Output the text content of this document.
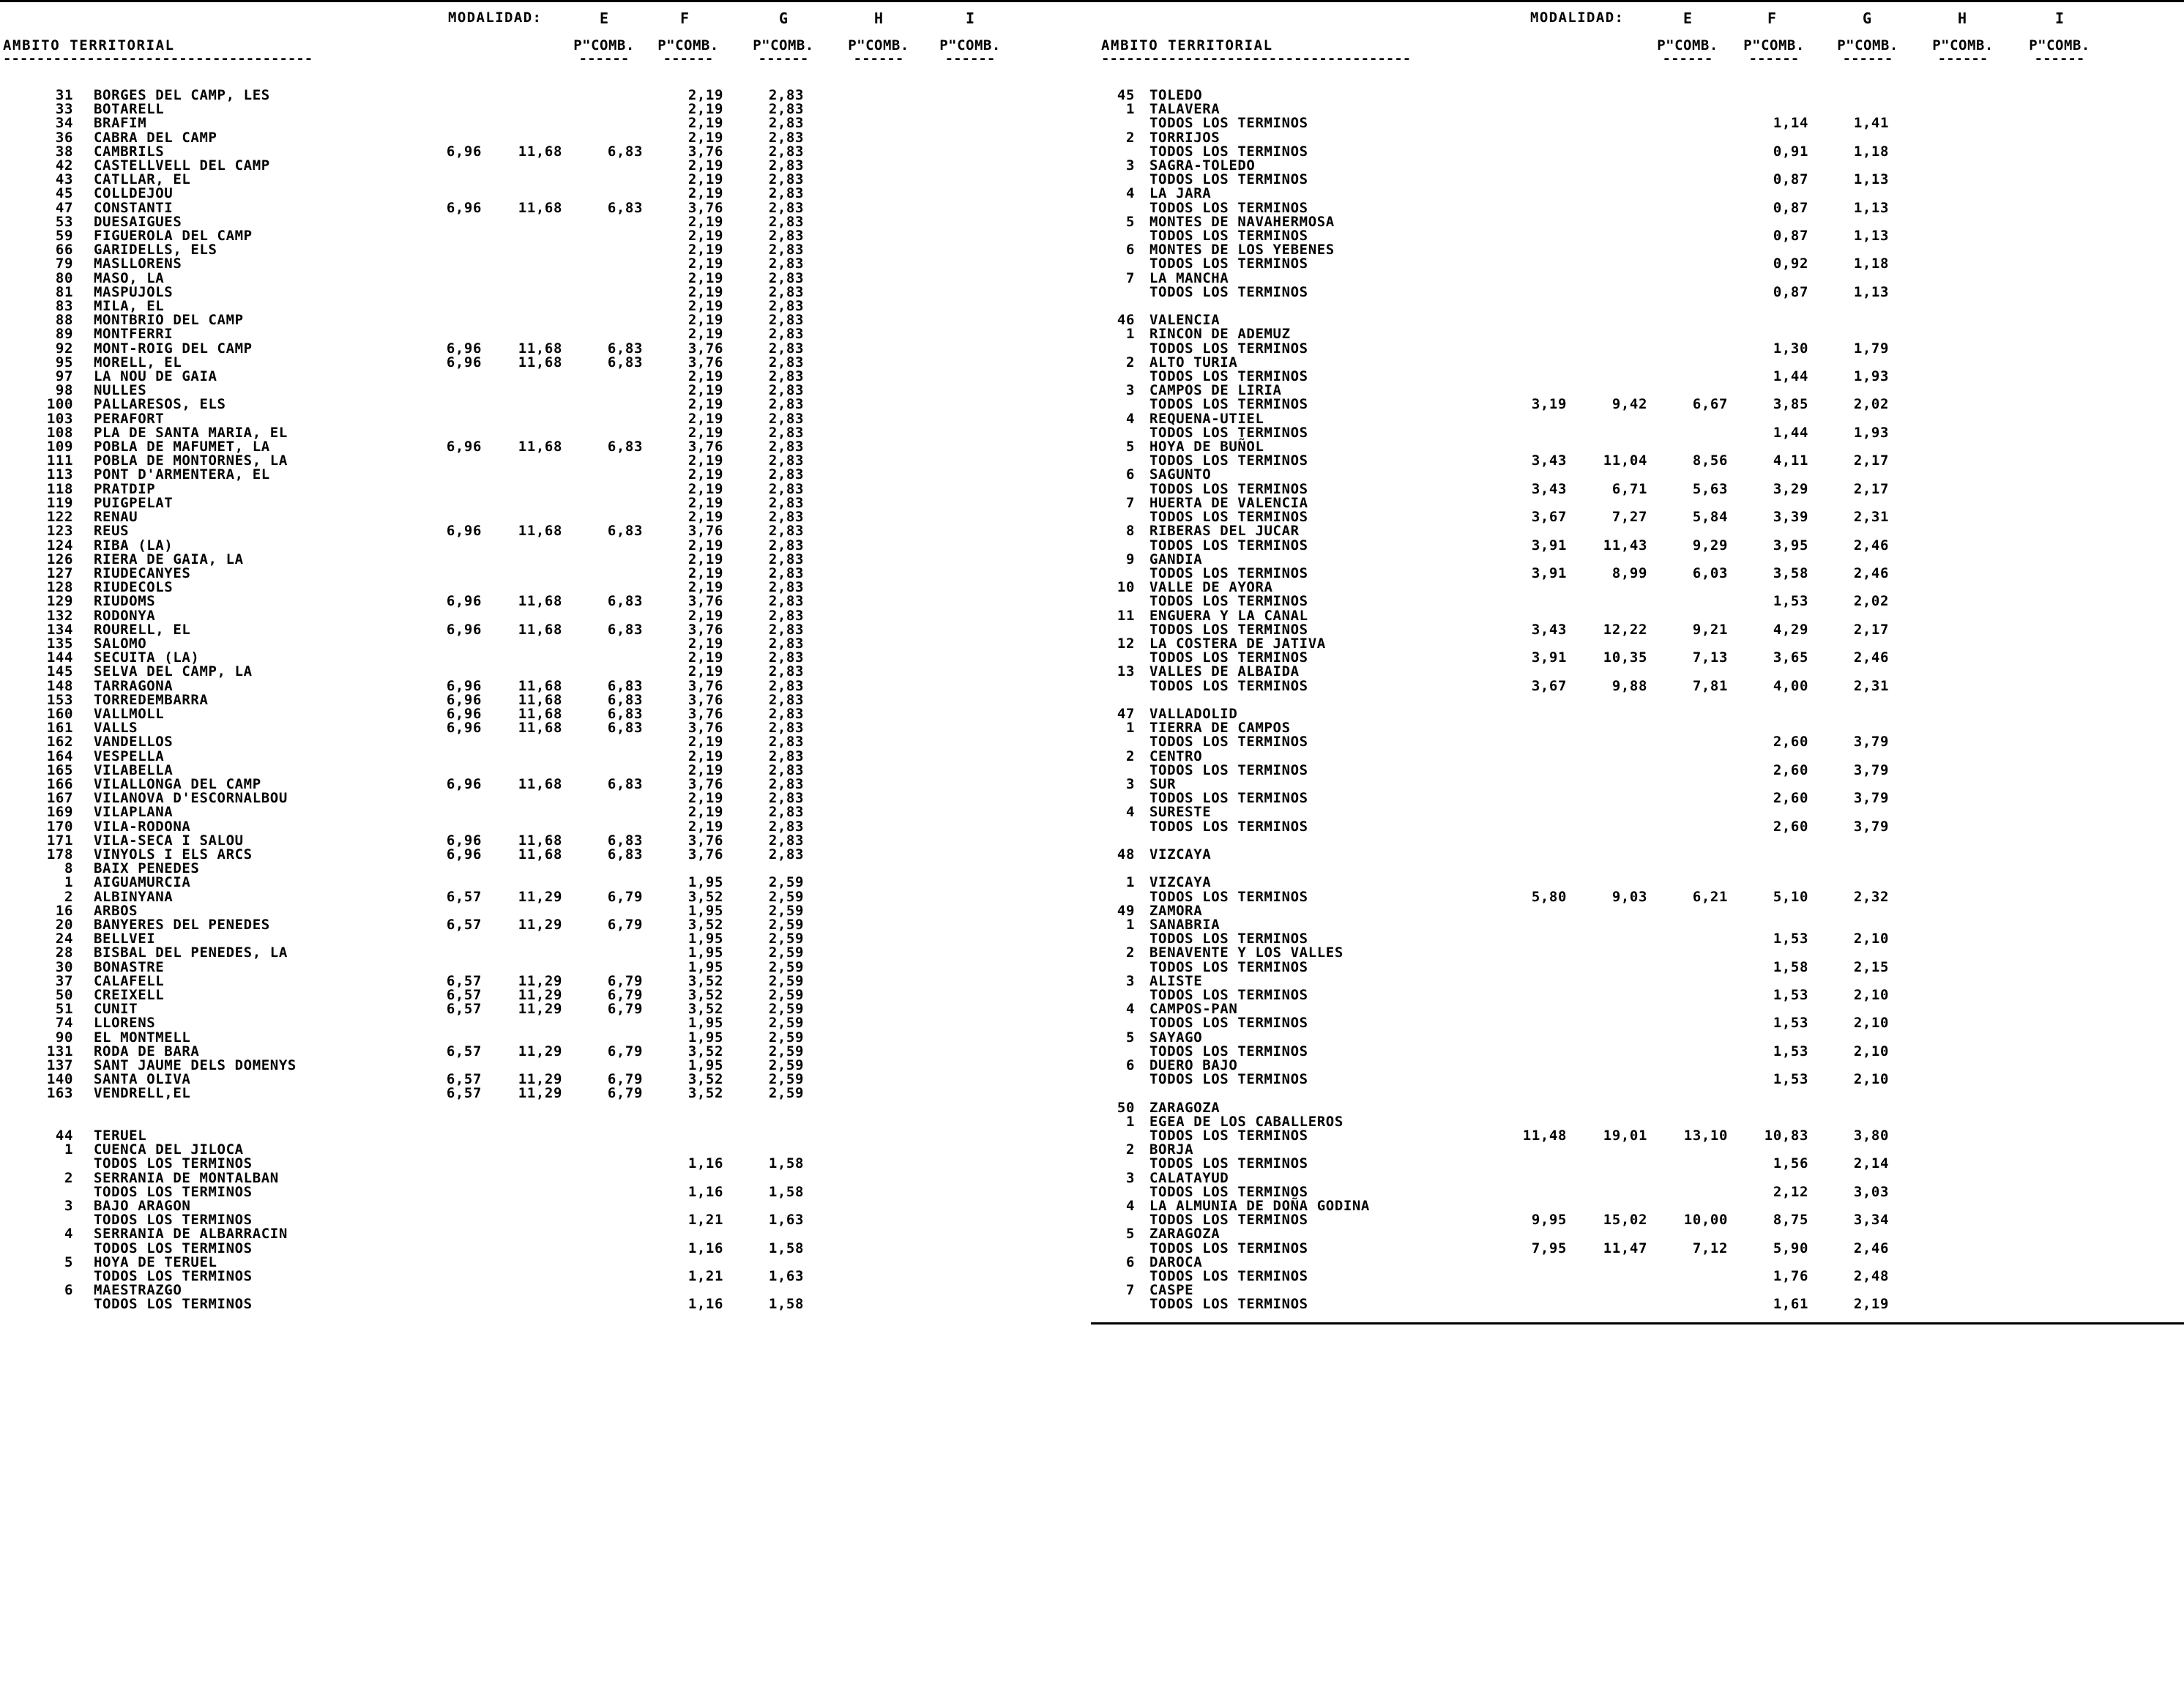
MODALIDAD:	E	F	G	H	I
AMBITO TERRITORIAL
-------------------------------------
P"COMB.	P"COMB.	P"COMB.	P"COMB.	P"COMB.
------	------	------	------	------
31	BORGES DEL CAMP, LES				2,19	2,83
33	BOTARELL				2,19	2,83
34	BRAFIM				2,19	2,83
36	CABRA DEL CAMP				2,19	2,83
38	CAMBRILS	6,96	11,68	6,83	3,76	2,83
42	CASTELLVELL DEL CAMP				2,19	2,83
43	CATLLAR, EL				2,19	2,83
45	COLLDEJOU				2,19	2,83
47	CONSTANTI	6,96	11,68	6,83	3,76	2,83
53	DUESAIGUES				2,19	2,83
59	FIGUEROLA DEL CAMP				2,19	2,83
66	GARIDELLS, ELS				2,19	2,83
79	MASLLORENS				2,19	2,83
80	MASO, LA				2,19	2,83
81	MASPUJOLS				2,19	2,83
83	MILA, EL				2,19	2,83
88	MONTBRIO DEL CAMP				2,19	2,83
89	MONTFERRI				2,19	2,83
92	MONT-ROIG DEL CAMP	6,96	11,68	6,83	3,76	2,83
95	MORELL, EL	6,96	11,68	6,83	3,76	2,83
97	LA NOU DE GAIA				2,19	2,83
98	NULLES				2,19	2,83
100	PALLARESOS, ELS				2,19	2,83
103	PERAFORT				2,19	2,83
108	PLA DE SANTA MARIA, EL				2,19	2,83
109	POBLA DE MAFUMET, LA	6,96	11,68	6,83	3,76	2,83
111	POBLA DE MONTORNES, LA				2,19	2,83
113	PONT D'ARMENTERA, EL				2,19	2,83
118	PRATDIP				2,19	2,83
119	PUIGPELAT				2,19	2,83
122	RENAU				2,19	2,83
123	REUS	6,96	11,68	6,83	3,76	2,83
124	RIBA (LA)				2,19	2,83
126	RIERA DE GAIA, LA				2,19	2,83
127	RIUDECANYES				2,19	2,83
128	RIUDECOLS				2,19	2,83
129	RIUDOMS	6,96	11,68	6,83	3,76	2,83
132	RODONYA				2,19	2,83
134	ROURELL, EL	6,96	11,68	6,83	3,76	2,83
135	SALOMO				2,19	2,83
144	SECUITA (LA)				2,19	2,83
145	SELVA DEL CAMP, LA				2,19	2,83
148	TARRAGONA	6,96	11,68	6,83	3,76	2,83
153	TORREDEMBARRA	6,96	11,68	6,83	3,76	2,83
160	VALLMOLL	6,96	11,68	6,83	3,76	2,83
161	VALLS	6,96	11,68	6,83	3,76	2,83
162	VANDELLOS				2,19	2,83
164	VESPELLA				2,19	2,83
165	VILABELLA				2,19	2,83
166	VILALLONGA DEL CAMP	6,96	11,68	6,83	3,76	2,83
167	VILANOVA D'ESCORNALBOU				2,19	2,83
169	VILAPLANA				2,19	2,83
170	VILA-RODONA				2,19	2,83
171	VILA-SECA I SALOU	6,96	11,68	6,83	3,76	2,83
178	VINYOLS I ELS ARCS	6,96	11,68	6,83	3,76	2,83
8	BAIX PENEDES					
1	AIGUAMURCIA				1,95	2,59
2	ALBINYANA	6,57	11,29	6,79	3,52	2,59
16	ARBOS				1,95	2,59
20	BANYERES DEL PENEDES	6,57	11,29	6,79	3,52	2,59
24	BELLVEI				1,95	2,59
28	BISBAL DEL PENEDES, LA				1,95	2,59
30	BONASTRE				1,95	2,59
37	CALAFELL	6,57	11,29	6,79	3,52	2,59
50	CREIXELL	6,57	11,29	6,79	3,52	2,59
51	CUNIT	6,57	11,29	6,79	3,52	2,59
74	LLORENS				1,95	2,59
90	EL MONTMELL				1,95	2,59
131	RODA DE BARA	6,57	11,29	6,79	3,52	2,59
137	SANT JAUME DELS DOMENYS				1,95	2,59
140	SANTA OLIVA	6,57	11,29	6,79	3,52	2,59
163	VENDRELL,EL	6,57	11,29	6,79	3,52	2,59

44	TERUEL					
1	CUENCA DEL JILOCA					
	TODOS LOS TERMINOS				1,16	1,58
2	SERRANIA DE MONTALBAN					
	TODOS LOS TERMINOS				1,16	1,58
3	BAJO ARAGON					
	TODOS LOS TERMINOS				1,21	1,63
4	SERRANIA DE ALBARRACIN					
	TODOS LOS TERMINOS				1,16	1,58
5	HOYA DE TERUEL					
	TODOS LOS TERMINOS				1,21	1,63
6	MAESTRAZGO					
	TODOS LOS TERMINOS				1,16	1,58
MODALIDAD:	E	F	G	H	I
AMBITO TERRITORIAL
-------------------------------------
P"COMB.	P"COMB.	P"COMB.	P"COMB.	P"COMB.
------	------	------	------	------
45	TOLEDO					
1	TALAVERA					
	TODOS LOS TERMINOS				1,14	1,41
2	TORRIJOS					
	TODOS LOS TERMINOS				0,91	1,18
3	SAGRA-TOLEDO					
	TODOS LOS TERMINOS				0,87	1,13
4	LA JARA					
	TODOS LOS TERMINOS				0,87	1,13
5	MONTES DE NAVAHERMOSA					
	TODOS LOS TERMINOS				0,87	1,13
6	MONTES DE LOS YEBENES					
	TODOS LOS TERMINOS				0,92	1,18
7	LA MANCHA					
	TODOS LOS TERMINOS				0,87	1,13

46	VALENCIA					
1	RINCON DE ADEMUZ					
	TODOS LOS TERMINOS				1,30	1,79
2	ALTO TURIA					
	TODOS LOS TERMINOS				1,44	1,93
3	CAMPOS DE LIRIA					
	TODOS LOS TERMINOS	3,19	9,42	6,67	3,85	2,02
4	REQUENA-UTIEL					
	TODOS LOS TERMINOS				1,44	1,93
5	HOYA DE BUÑOL					
	TODOS LOS TERMINOS	3,43	11,04	8,56	4,11	2,17
6	SAGUNTO					
	TODOS LOS TERMINOS	3,43	6,71	5,63	3,29	2,17
7	HUERTA DE VALENCIA					
	TODOS LOS TERMINOS	3,67	7,27	5,84	3,39	2,31
8	RIBERAS DEL JUCAR					
	TODOS LOS TERMINOS	3,91	11,43	9,29	3,95	2,46
9	GANDIA					
	TODOS LOS TERMINOS	3,91	8,99	6,03	3,58	2,46
10	VALLE DE AYORA					
	TODOS LOS TERMINOS				1,53	2,02
11	ENGUERA Y LA CANAL					
	TODOS LOS TERMINOS	3,43	12,22	9,21	4,29	2,17
12	LA COSTERA DE JATIVA					
	TODOS LOS TERMINOS	3,91	10,35	7,13	3,65	2,46
13	VALLES DE ALBAIDA					
	TODOS LOS TERMINOS	3,67	9,88	7,81	4,00	2,31

47	VALLADOLID					
1	TIERRA DE CAMPOS					
	TODOS LOS TERMINOS				2,60	3,79
2	CENTRO					
	TODOS LOS TERMINOS				2,60	3,79
3	SUR					
	TODOS LOS TERMINOS				2,60	3,79
4	SURESTE					
	TODOS LOS TERMINOS				2,60	3,79

48	VIZCAYA					

1	VIZCAYA					
	TODOS LOS TERMINOS	5,80	9,03	6,21	5,10	2,32
49	ZAMORA					
1	SANABRIA					
	TODOS LOS TERMINOS				1,53	2,10
2	BENAVENTE Y LOS VALLES					
	TODOS LOS TERMINOS				1,58	2,15
3	ALISTE					
	TODOS LOS TERMINOS				1,53	2,10
4	CAMPOS-PAN					
	TODOS LOS TERMINOS				1,53	2,10
5	SAYAGO					
	TODOS LOS TERMINOS				1,53	2,10
6	DUERO BAJO					
	TODOS LOS TERMINOS				1,53	2,10

50	ZARAGOZA					
1	EGEA DE LOS CABALLEROS					
	TODOS LOS TERMINOS	11,48	19,01	13,10	10,83	3,80
2	BORJA					
	TODOS LOS TERMINOS				1,56	2,14
3	CALATAYUD					
	TODOS LOS TERMINOS				2,12	3,03
4	LA ALMUNIA DE DOÑA GODINA					
	TODOS LOS TERMINOS	9,95	15,02	10,00	8,75	3,34
5	ZARAGOZA					
	TODOS LOS TERMINOS	7,95	11,47	7,12	5,90	2,46
6	DAROCA					
	TODOS LOS TERMINOS				1,76	2,48
7	CASPE					
	TODOS LOS TERMINOS				1,61	2,19
